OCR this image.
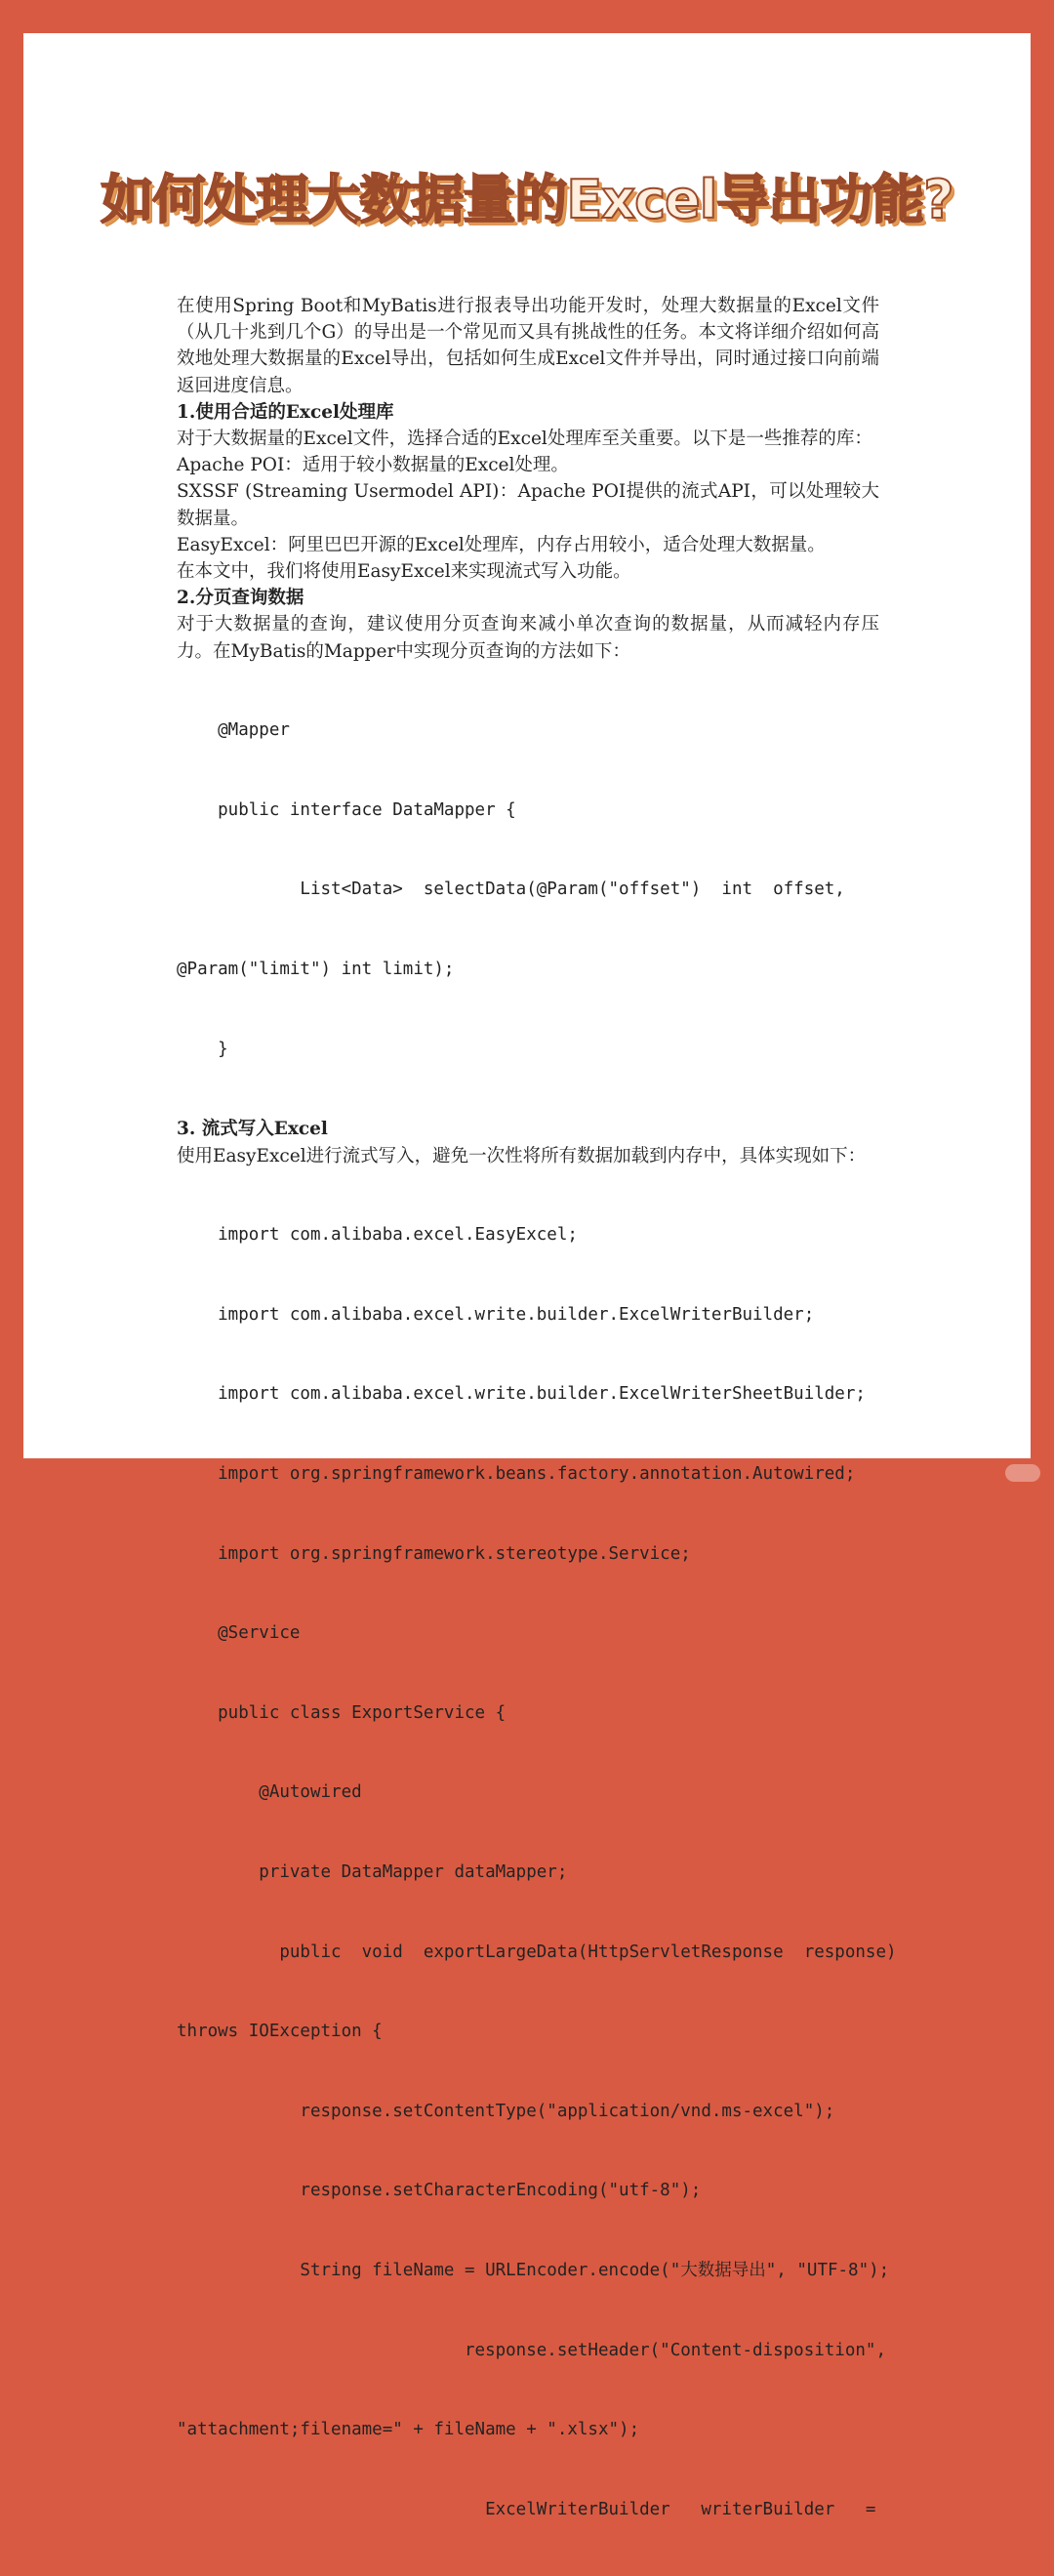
如何处理大数据量的Excel导出功能?

在使用Spring Boot和MyBatis进行报表导出功能开发时，处理大数据量的Excel文件（从几十兆到几个G）的导出是一个常见而又具有挑战性的任务。本文将详细介绍如何高效地处理大数据量的Excel导出，包括如何生成Excel文件并导出，同时通过接口向前端返回进度信息。

1.使用合适的Excel处理库

对于大数据量的Excel文件，选择合适的Excel处理库至关重要。以下是一些推荐的库：

Apache POI：适用于较小数据量的Excel处理。

SXSSF (Streaming Usermodel API)：Apache POI提供的流式API，可以处理较大数据量。

EasyExcel：阿里巴巴开源的Excel处理库，内存占用较小，适合处理大数据量。

在本文中，我们将使用EasyExcel来实现流式写入功能。

2.分页查询数据

对于大数据量的查询，建议使用分页查询来减小单次查询的数据量，从而减轻内存压力。在MyBatis的Mapper中实现分页查询的方法如下：

@Mapper

public interface DataMapper {

List<Data>  selectData(@Param("offset")  int  offset,

@Param("limit") int limit);

}

3. 流式写入Excel

使用EasyExcel进行流式写入，避免一次性将所有数据加载到内存中，具体实现如下：

import com.alibaba.excel.EasyExcel;

import com.alibaba.excel.write.builder.ExcelWriterBuilder;

import com.alibaba.excel.write.builder.ExcelWriterSheetBuilder;

import org.springframework.beans.factory.annotation.Autowired;

import org.springframework.stereotype.Service;

@Service

public class ExportService {

@Autowired

private DataMapper dataMapper;

public  void  exportLargeData(HttpServletResponse  response)

throws IOException {

response.setContentType("application/vnd.ms-excel");

response.setCharacterEncoding("utf-8");

String fileName = URLEncoder.encode("大数据导出", "UTF-8");

response.setHeader("Content-disposition",

"attachment;filename=" + fileName + ".xlsx");

ExcelWriterBuilder   writerBuilder   =
